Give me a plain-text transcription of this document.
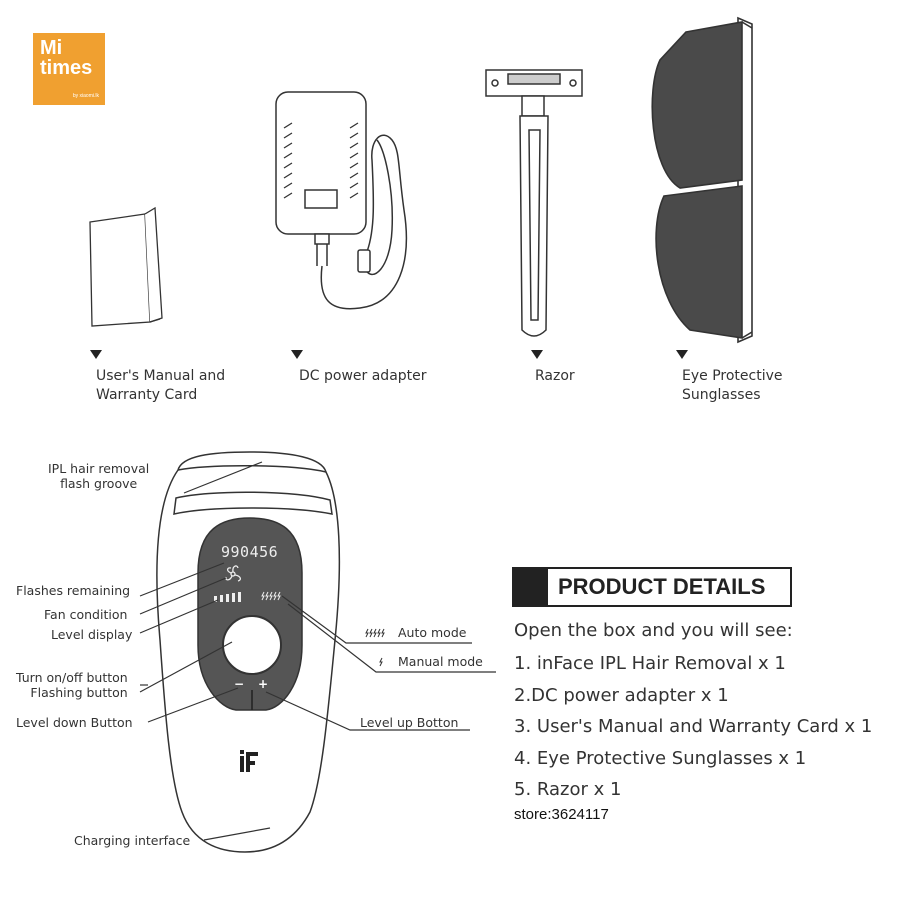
− +
990456
Mi
times
by xiaomi.lk
User's Manual and
Warranty Card
DC power adapter	Razor	Eye Protective
Sunglasses
IPL hair removal
flash groove
Flashes remaining
Fan condition
Level display
Turn on/off button
Flashing button
Level down Button
Charging interface
Auto mode
Manual mode
Level up Botton
PRODUCT DETAILS
Open the box and you will see:
1. inFace IPL Hair Removal x 1
2.DC power adapter x 1
3. User's Manual and Warranty Card x 1
4. Eye Protective Sunglasses x 1
5. Razor x 1
store:3624117
